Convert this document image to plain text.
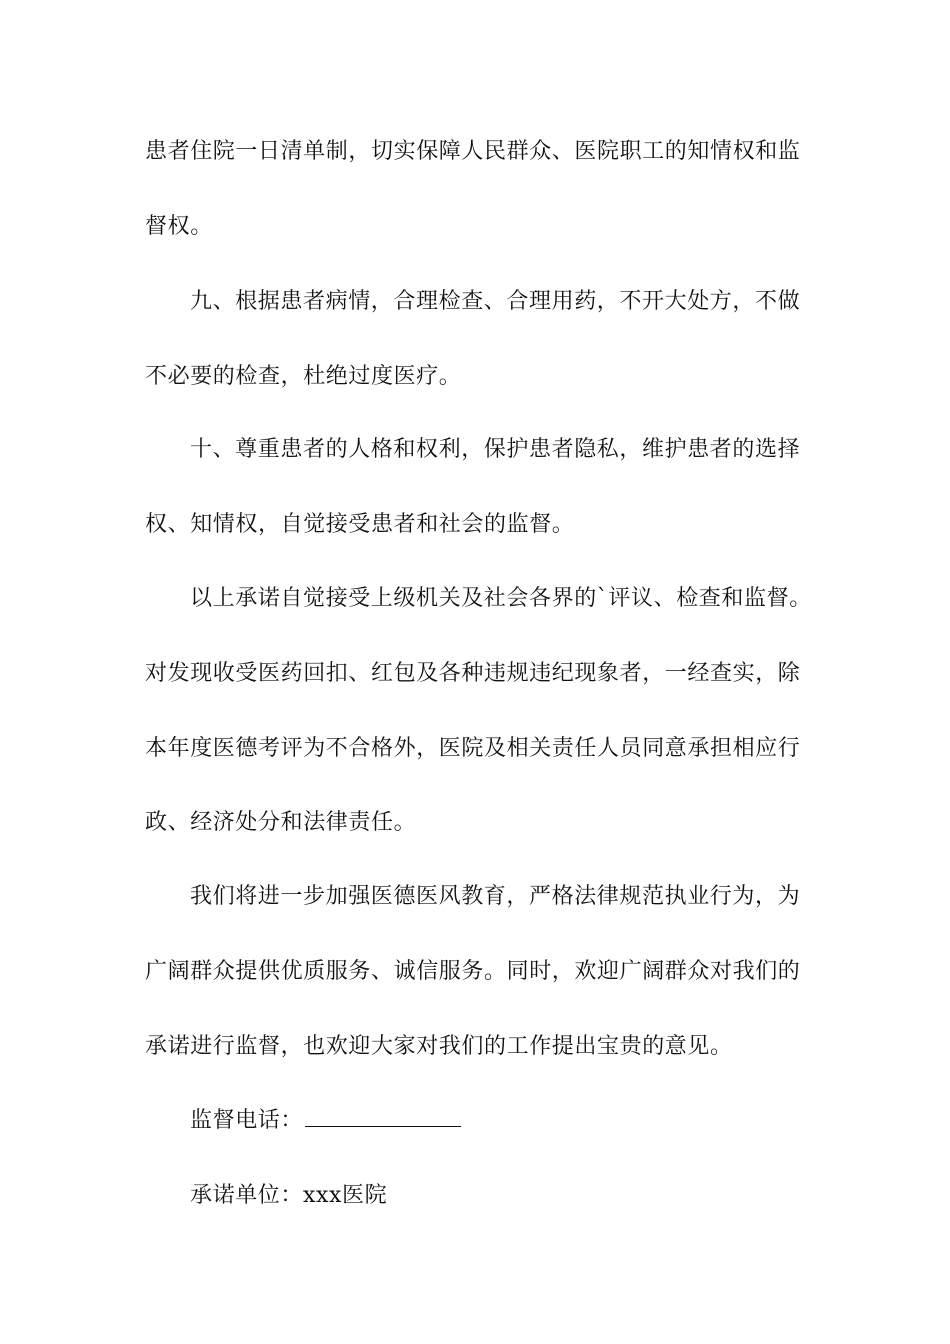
患者住院一日清单制，切实保障人民群众、医院职工的知情权和监
督权。
九、根据患者病情，合理检查、合理用药，不开大处方，不做
不必要的检查，杜绝过度医疗。
十、尊重患者的人格和权利，保护患者隐私，维护患者的选择
权、知情权，自觉接受患者和社会的监督。
以上承诺自觉接受上级机关及社会各界的`评议、检查和监督。
对发现收受医药回扣、红包及各种违规违纪现象者，一经查实，除
本年度医德考评为不合格外，医院及相关责任人员同意承担相应行
政、经济处分和法律责任。
我们将进一步加强医德医风教育，严格法律规范执业行为，为
广阔群众提供优质服务、诚信服务。同时，欢迎广阔群众对我们的
承诺进行监督，也欢迎大家对我们的工作提出宝贵的意见。
监督电话：
承诺单位：xxx医院
